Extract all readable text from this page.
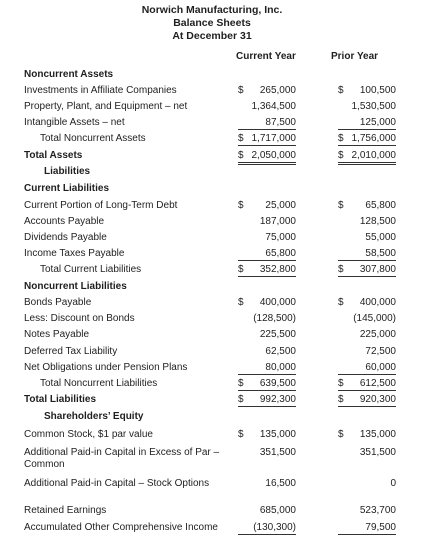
Norwich Manufacturing, Inc.
Balance Sheets
At December 31
Current Year	Prior Year
Noncurrent Assets
Investments in Affiliate Companies	$ 265,000	$ 100,500
Property, Plant, and Equipment – net	1,364,500	1,530,500
Intangible Assets – net	87,500	125,000
Total Noncurrent Assets	$ 1,717,000	$ 1,756,000
Total Assets	$ 2,050,000	$ 2,010,000
Liabilities
Current Liabilities
Current Portion of Long-Term Debt	$ 25,000	$ 65,800
Accounts Payable	187,000	128,500
Dividends Payable	75,000	55,000
Income Taxes Payable	65,800	58,500
Total Current Liabilities	$ 352,800	$ 307,800
Noncurrent Liabilities
Bonds Payable	$ 400,000	$ 400,000
Less: Discount on Bonds	(128,500)	(145,000)
Notes Payable	225,500	225,000
Deferred Tax Liability	62,500	72,500
Net Obligations under Pension Plans	80,000	60,000
Total Noncurrent Liabilities	$ 639,500	$ 612,500
Total Liabilities	$ 992,300	$ 920,300
Shareholders’ Equity
Common Stock, $1 par value	$ 135,000	$ 135,000
Additional Paid-in Capital in Excess of Par – Common
351,500	351,500
Additional Paid-in Capital – Stock Options	16,500	0
Retained Earnings	685,000	523,700
Accumulated Other Comprehensive Income	(130,300)	79,500
